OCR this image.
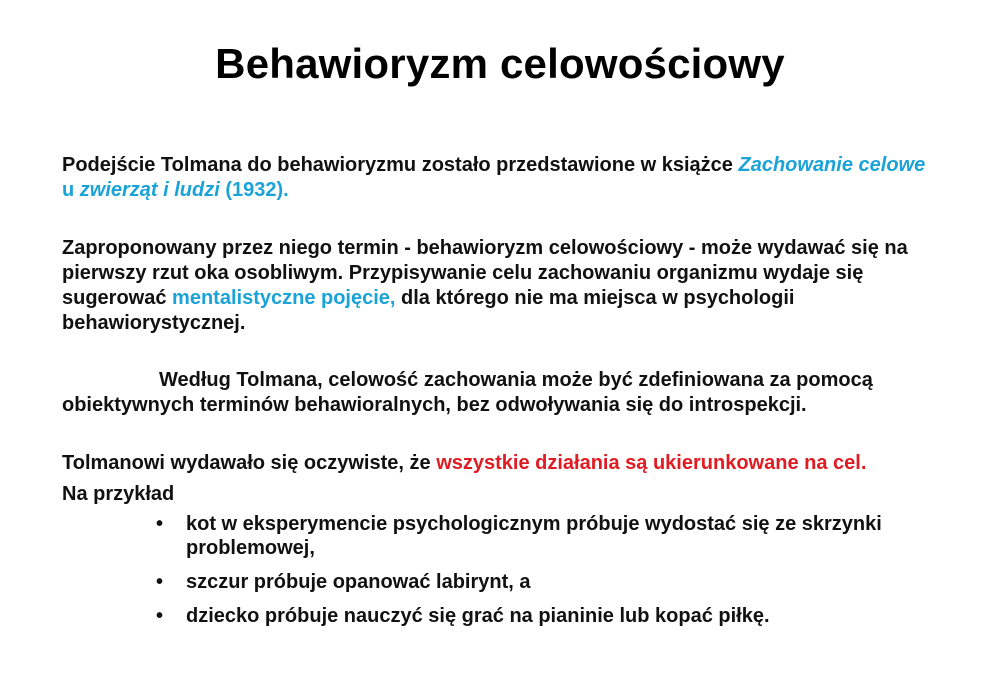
Behawioryzm celowościowy
Podejście Tolmana do behawioryzmu zostało przedstawione w książce Zachowanie celowe u zwierząt i ludzi (1932).
Zaproponowany przez niego termin - behawioryzm celowościowy - może wydawać się na pierwszy rzut oka osobliwym. Przypisywanie celu zachowaniu organizmu wydaje się sugerować mentalistyczne pojęcie, dla którego nie ma miejsca w psychologii behawiorystycznej.
Według Tolmana, celowość zachowania może być zdefiniowana za pomocą obiektywnych terminów behawioralnych, bez odwoływania się do introspekcji.
Tolmanowi wydawało się oczywiste, że wszystkie działania są ukierunkowane na cel.
Na przykład
• kot w eksperymencie psychologicznym próbuje wydostać się ze skrzynki problemowej,
• szczur próbuje opanować labirynt, a
• dziecko próbuje nauczyć się grać na pianinie lub kopać piłkę.
